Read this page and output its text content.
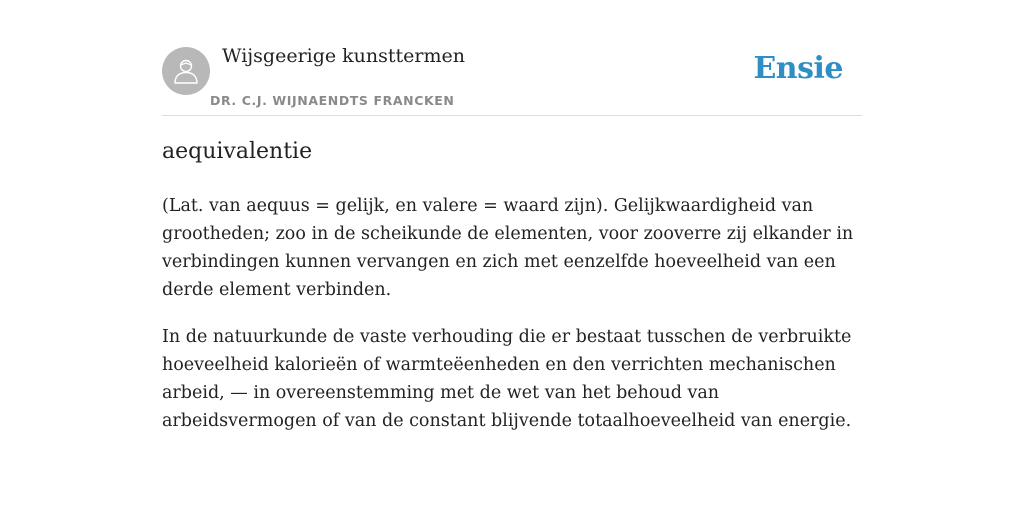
Wijsgeerige kunsttermen
DR. C.J. WIJNAENDTS FRANCKEN
Ensie
aequivalentie

(Lat. van aequus = gelijk, en valere = waard zijn). Gelijkwaardigheid van grootheden; zoo in de scheikunde de elementen, voor zooverre zij elkander in verbindingen kunnen vervangen en zich met eenzelfde hoeveelheid van een derde element verbinden.

In de natuurkunde de vaste verhouding die er bestaat tusschen de verbruikte hoeveelheid kalorieën of warmteëenheden en den verrichten mechanischen arbeid, — in overeenstemming met de wet van het behoud van arbeidsvermogen of van de constant blijvende totaalhoeveelheid van energie.
